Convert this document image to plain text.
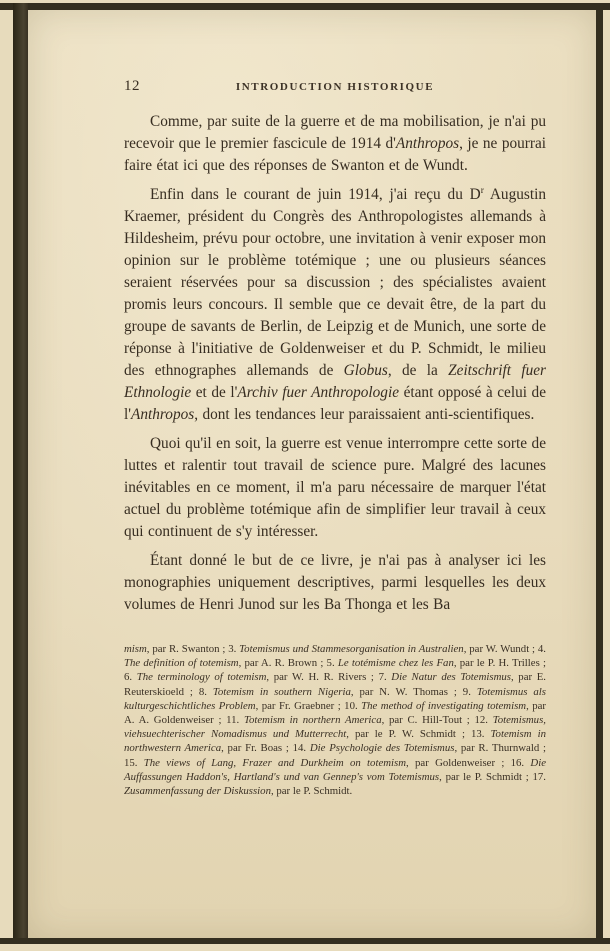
12	INTRODUCTION HISTORIQUE

Comme, par suite de la guerre et de ma mobilisation, je n'ai pu recevoir que le premier fascicule de 1914 d'Anthropos, je ne pourrai faire état ici que des réponses de Swanton et de Wundt.

Enfin dans le courant de juin 1914, j'ai reçu du $D^r$ Augustin Kraemer, président du Congrès des Anthropologistes allemands à Hildesheim, prévu pour octobre, une invitation à venir exposer mon opinion sur le problème totémique ; une ou plusieurs séances seraient réservées pour sa discussion ; des spécialistes avaient promis leurs concours. Il semble que ce devait être, de la part du groupe de savants de Berlin, de Leipzig et de Munich, une sorte de réponse à l'initiative de Goldenweiser et du P. Schmidt, le milieu des ethnographes allemands de Globus, de la Zeitschrift fuer Ethnologie et de l'Archiv fuer Anthropologie étant opposé à celui de l'Anthropos, dont les tendances leur paraissaient anti-scientifiques.

Quoi qu'il en soit, la guerre est venue interrompre cette sorte de luttes et ralentir tout travail de science pure. Malgré des lacunes inévitables en ce moment, il m'a paru nécessaire de marquer l'état actuel du problème totémique afin de simplifier leur travail à ceux qui continuent de s'y intéresser.

Étant donné le but de ce livre, je n'ai pas à analyser ici les monographies uniquement descriptives, parmi lesquelles les deux volumes de Henri Junod sur les Ba Thonga et les Ba

mism, par R. Swanton ; 3. Totemismus und Stammesorganisation in Australien, par W. Wundt ; 4. The definition of totemism, par A. R. Brown ; 5. Le totémisme chez les Fan, par le P. H. Trilles ; 6. The terminology of totemism, par W. H. R. Rivers ; 7. Die Natur des Totemismus, par E. Reuterskioeld ; 8. Totemism in southern Nigeria, par N. W. Thomas ; 9. Totemismus als kulturgeschichtliches Problem, par Fr. Graebner ; 10. The method of investigating totemism, par A. A. Goldenweiser ; 11. Totemism in northern America, par C. Hill-Tout ; 12. Totemismus, viehsuechterischer Nomadismus und Mutterrecht, par le P. W. Schmidt ; 13. Totemism in northwestern America, par Fr. Boas ; 14. Die Psychologie des Totemismus, par R. Thurnwald ; 15. The views of Lang, Frazer and Durkheim on totemism, par Goldenweiser ; 16. Die Auffassungen Haddon's, Hartland's und van Gennep's vom Totemismus, par le P. Schmidt ; 17. Zusammenfassung der Diskussion, par le P. Schmidt.
